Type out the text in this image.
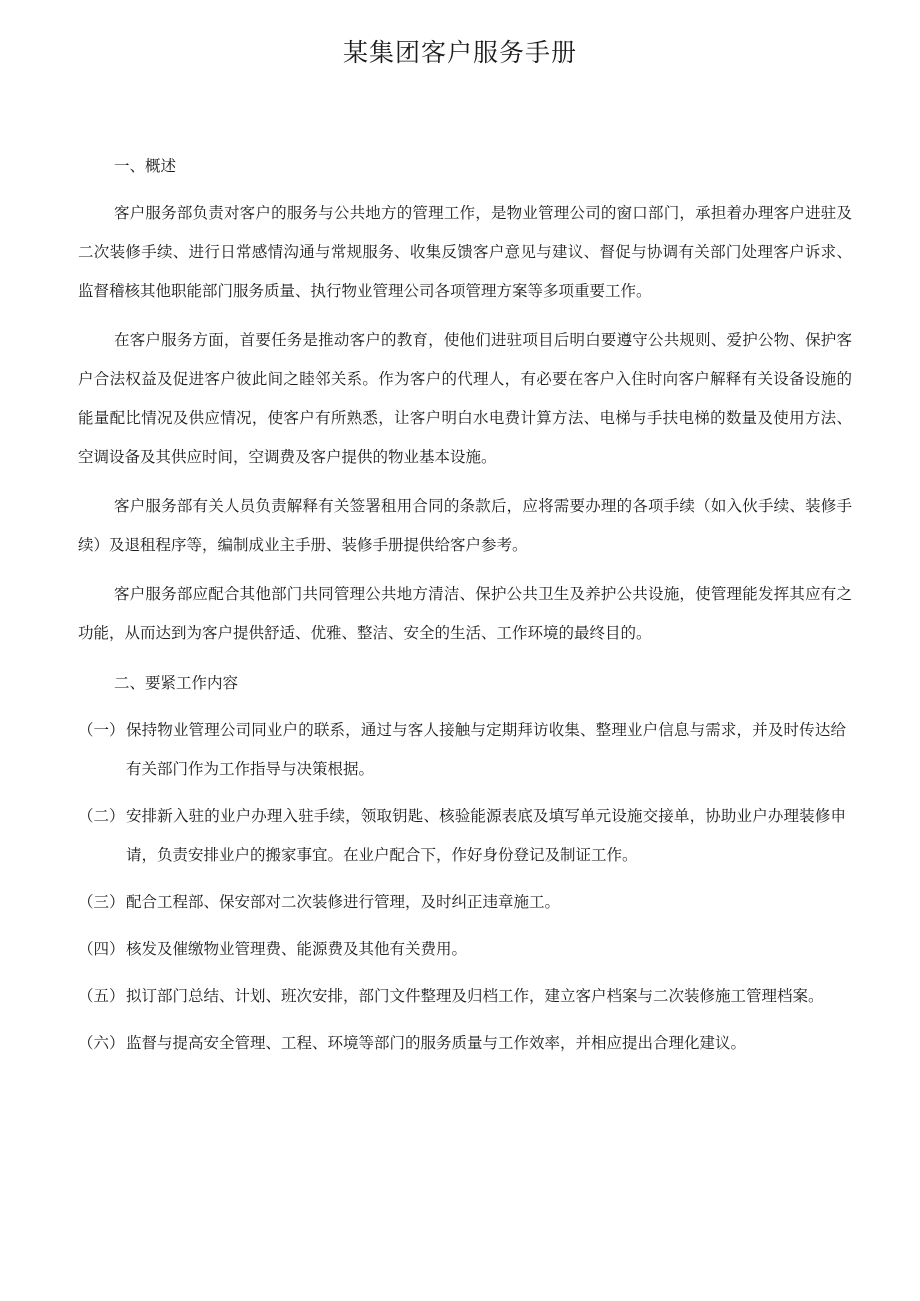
某集团客户服务手册

一、概述

客户服务部负责对客户的服务与公共地方的管理工作，是物业管理公司的窗口部门，承担着办理客户进驻及二次装修手续、进行日常感情沟通与常规服务、收集反馈客户意见与建议、督促与协调有关部门处理客户诉求、监督稽核其他职能部门服务质量、执行物业管理公司各项管理方案等多项重要工作。

在客户服务方面，首要任务是推动客户的教育，使他们进驻项目后明白要遵守公共规则、爱护公物、保护客户合法权益及促进客户彼此间之睦邻关系。作为客户的代理人，有必要在客户入住时向客户解释有关设备设施的能量配比情况及供应情况，使客户有所熟悉，让客户明白水电费计算方法、电梯与手扶电梯的数量及使用方法、空调设备及其供应时间，空调费及客户提供的物业基本设施。

客户服务部有关人员负责解释有关签署租用合同的条款后，应将需要办理的各项手续（如入伙手续、装修手续）及退租程序等，编制成业主手册、装修手册提供给客户参考。

客户服务部应配合其他部门共同管理公共地方清洁、保护公共卫生及养护公共设施，使管理能发挥其应有之功能，从而达到为客户提供舒适、优雅、整洁、安全的生活、工作环境的最终目的。

二、要紧工作内容

（一） 保持物业管理公司同业户的联系，通过与客人接触与定期拜访收集、整理业户信息与需求，并及时传达给有关部门作为工作指导与决策根据。
（二） 安排新入驻的业户办理入驻手续，领取钥匙、核验能源表底及填写单元设施交接单，协助业户办理装修申请，负责安排业户的搬家事宜。在业户配合下，作好身份登记及制证工作。
（三） 配合工程部、保安部对二次装修进行管理，及时纠正违章施工。
（四） 核发及催缴物业管理费、能源费及其他有关费用。
（五） 拟订部门总结、计划、班次安排，部门文件整理及归档工作，建立客户档案与二次装修施工管理档案。
（六） 监督与提高安全管理、工程、环境等部门的服务质量与工作效率，并相应提出合理化建议。
